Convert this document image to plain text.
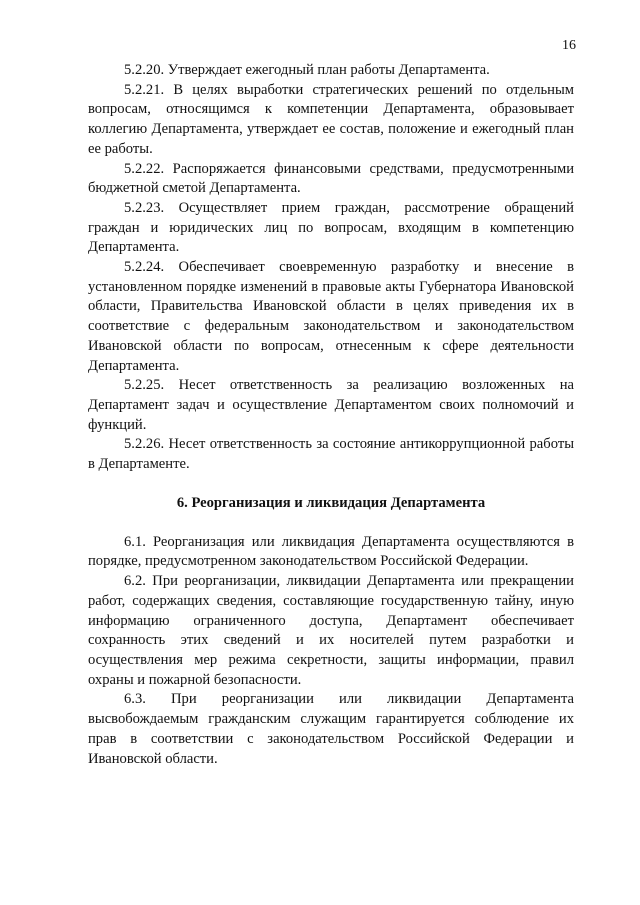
16

5.2.20. Утверждает ежегодный план работы Департамента.

5.2.21. В целях выработки стратегических решений по отдельным вопросам, относящимся к компетенции Департамента, образовывает коллегию Департамента, утверждает ее состав, положение и ежегодный план ее работы.

5.2.22. Распоряжается финансовыми средствами, предусмотренными бюджетной сметой Департамента.

5.2.23. Осуществляет прием граждан, рассмотрение обращений граждан и юридических лиц по вопросам, входящим в компетенцию Департамента.

5.2.24. Обеспечивает своевременную разработку и внесение в установленном порядке изменений в правовые акты Губернатора Ивановской области, Правительства Ивановской области в целях приведения их в соответствие с федеральным законодательством и законодательством Ивановской области по вопросам, отнесенным к сфере деятельности Департамента.

5.2.25. Несет ответственность за реализацию возложенных на Департамент задач и осуществление Департаментом своих полномочий и функций.

5.2.26. Несет ответственность за состояние антикоррупционной работы в Департаменте.

6. Реорганизация и ликвидация Департамента

6.1. Реорганизация или ликвидация Департамента осуществляются в порядке, предусмотренном законодательством Российской Федерации.

6.2. При реорганизации, ликвидации Департамента или прекращении работ, содержащих сведения, составляющие государственную тайну, иную информацию ограниченного доступа, Департамент обеспечивает сохранность этих сведений и их носителей путем разработки и осуществления мер режима секретности, защиты информации, правил охраны и пожарной безопасности.

6.3. При реорганизации или ликвидации Департамента высвобождаемым гражданским служащим гарантируется соблюдение их прав в соответствии с законодательством Российской Федерации и Ивановской области.
